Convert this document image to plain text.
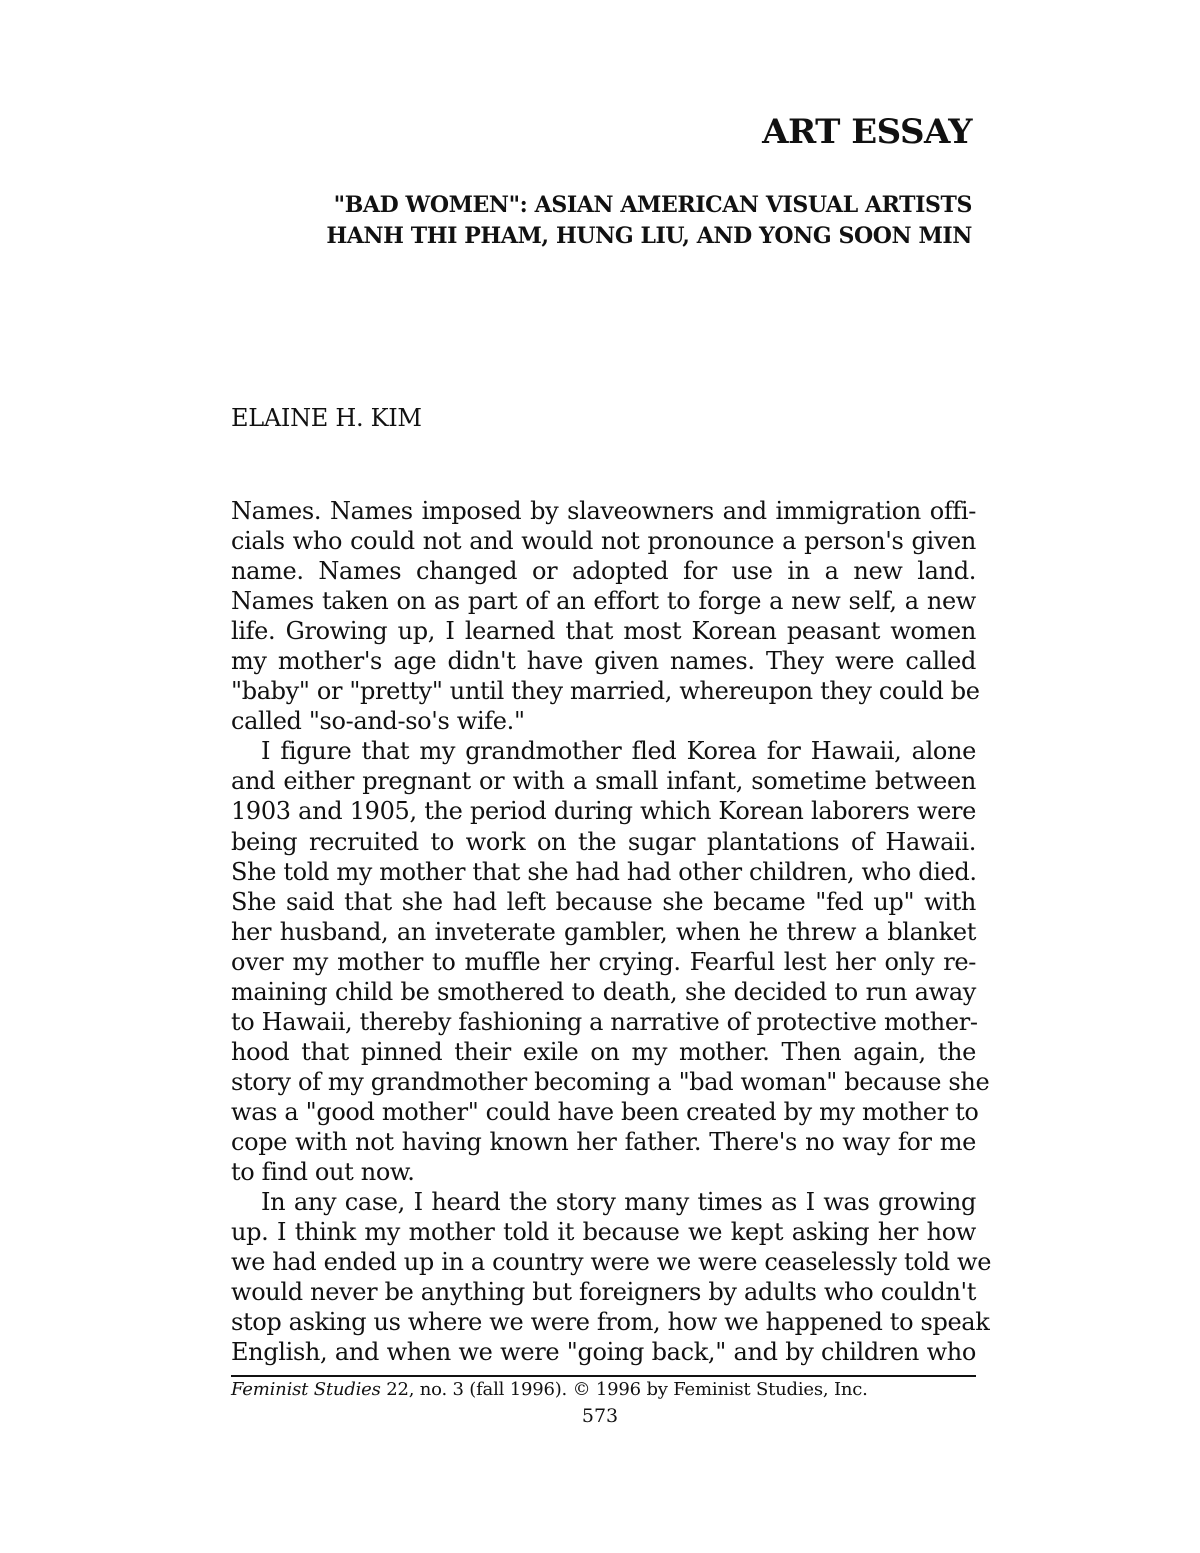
ART ESSAY
"BAD WOMEN": ASIAN AMERICAN VISUAL ARTISTS
HANH THI PHAM, HUNG LIU, AND YONG SOON MIN
ELAINE H. KIM
Names. Names imposed by slaveowners and immigration offi-
cials who could not and would not pronounce a person's given
name. Names changed or adopted for use in a new land.
Names taken on as part of an effort to forge a new self, a new
life. Growing up, I learned that most Korean peasant women
my mother's age didn't have given names. They were called
"baby" or "pretty" until they married, whereupon they could be
called "so-and-so's wife."
I figure that my grandmother fled Korea for Hawaii, alone
and either pregnant or with a small infant, sometime between
1903 and 1905, the period during which Korean laborers were
being recruited to work on the sugar plantations of Hawaii.
She told my mother that she had had other children, who died.
She said that she had left because she became "fed up" with
her husband, an inveterate gambler, when he threw a blanket
over my mother to muffle her crying. Fearful lest her only re-
maining child be smothered to death, she decided to run away
to Hawaii, thereby fashioning a narrative of protective mother-
hood that pinned their exile on my mother. Then again, the
story of my grandmother becoming a "bad woman" because she
was a "good mother" could have been created by my mother to
cope with not having known her father. There's no way for me
to find out now.
In any case, I heard the story many times as I was growing
up. I think my mother told it because we kept asking her how
we had ended up in a country were we were ceaselessly told we
would never be anything but foreigners by adults who couldn't
stop asking us where we were from, how we happened to speak
English, and when we were "going back," and by children who
Feminist Studies 22, no. 3 (fall 1996). © 1996 by Feminist Studies, Inc.
573
